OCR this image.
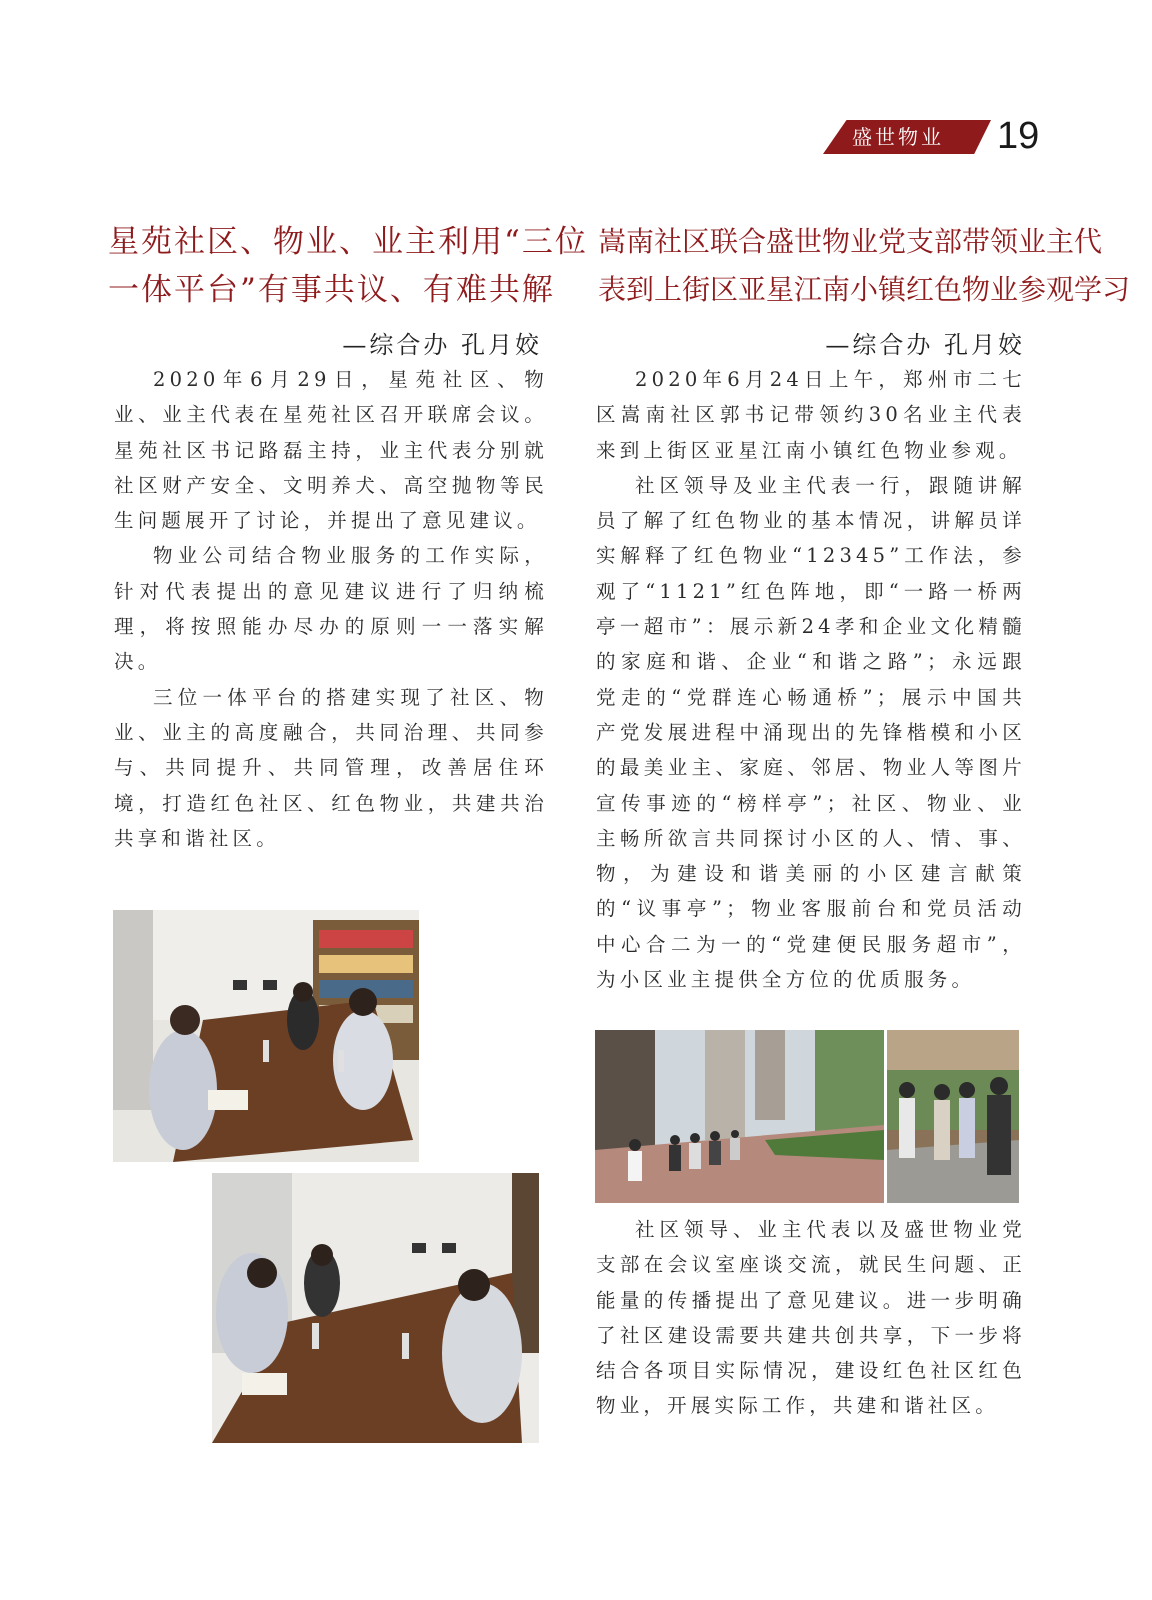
盛世物业	19
星苑社区、物业、业主利用“三位
一体平台”有事共议、有难共解
—综合办 孔月姣

2020年6月29日，星苑社区、物业、业主代表在星苑社区召开联席会议。星苑社区书记路磊主持，业主代表分别就社区财产安全、文明养犬、高空抛物等民生问题展开了讨论，并提出了意见建议。

物业公司结合物业服务的工作实际，针对代表提出的意见建议进行了归纳梳理，将按照能办尽办的原则一一落实解决。

三位一体平台的搭建实现了社区、物业、业主的高度融合，共同治理、共同参与、共同提升、共同管理，改善居住环境，打造红色社区、红色物业，共建共治共享和谐社区。

嵩南社区联合盛世物业党支部带领业主代
表到上街区亚星江南小镇红色物业参观学习
—综合办 孔月姣

2020年6月24日上午，郑州市二七区嵩南社区郭书记带领约30名业主代表来到上街区亚星江南小镇红色物业参观。

社区领导及业主代表一行，跟随讲解员了解了红色物业的基本情况，讲解员详实解释了红色物业“12345”工作法，参观了“1121”红色阵地，即“一路一桥两亭一超市”：展示新24孝和企业文化精髓的家庭和谐、企业“和谐之路”；永远跟党走的“党群连心畅通桥”；展示中国共产党发展进程中涌现出的先锋楷模和小区的最美业主、家庭、邻居、物业人等图片宣传事迹的“榜样亭”；社区、物业、业主畅所欲言共同探讨小区的人、情、事、物，为建设和谐美丽的小区建言献策的“议事亭”；物业客服前台和党员活动中心合二为一的“党建便民服务超市”，为小区业主提供全方位的优质服务。

社区领导、业主代表以及盛世物业党支部在会议室座谈交流，就民生问题、正能量的传播提出了意见建议。进一步明确了社区建设需要共建共创共享，下一步将结合各项目实际情况，建设红色社区红色物业，开展实际工作，共建和谐社区。
